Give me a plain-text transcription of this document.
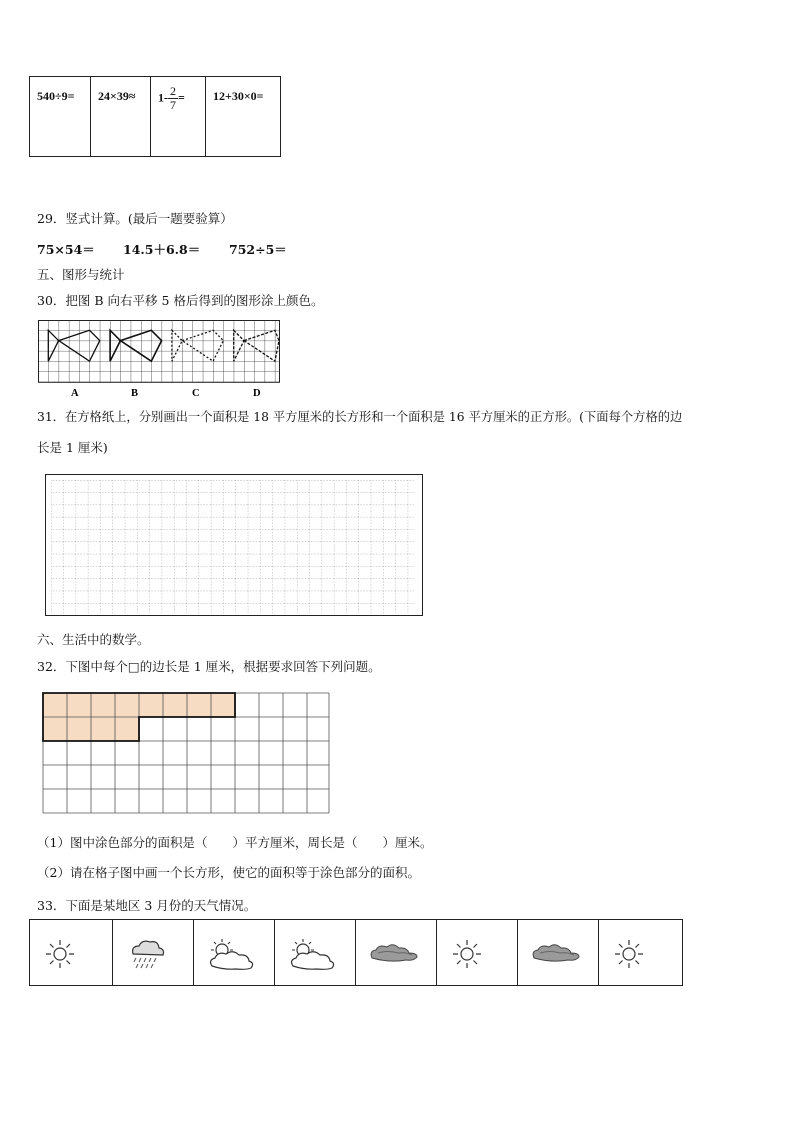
540÷9=	24×39≈	$1- \frac{2}{7}$ =	12+30×0=
29．竖式计算。(最后一题要验算）
75×54＝ 14.5＋6.8＝ 752÷5＝
五、图形与统计
30．把图 B 向右平移 5 格后得到的图形涂上颜色。
A	B	C	D
31．在方格纸上，分别画出一个面积是 18 平方厘米的长方形和一个面积是 16 平方厘米的正方形。(下面每个方格的边
长是 1 厘米)
六、生活中的数学。
32．下图中每个□的边长是 1 厘米，根据要求回答下列问题。
（1）图中涂色部分的面积是（　　）平方厘米，周长是（　　）厘米。
（2）请在格子图中画一个长方形，使它的面积等于涂色部分的面积。
33．下面是某地区 3 月份的天气情况。
